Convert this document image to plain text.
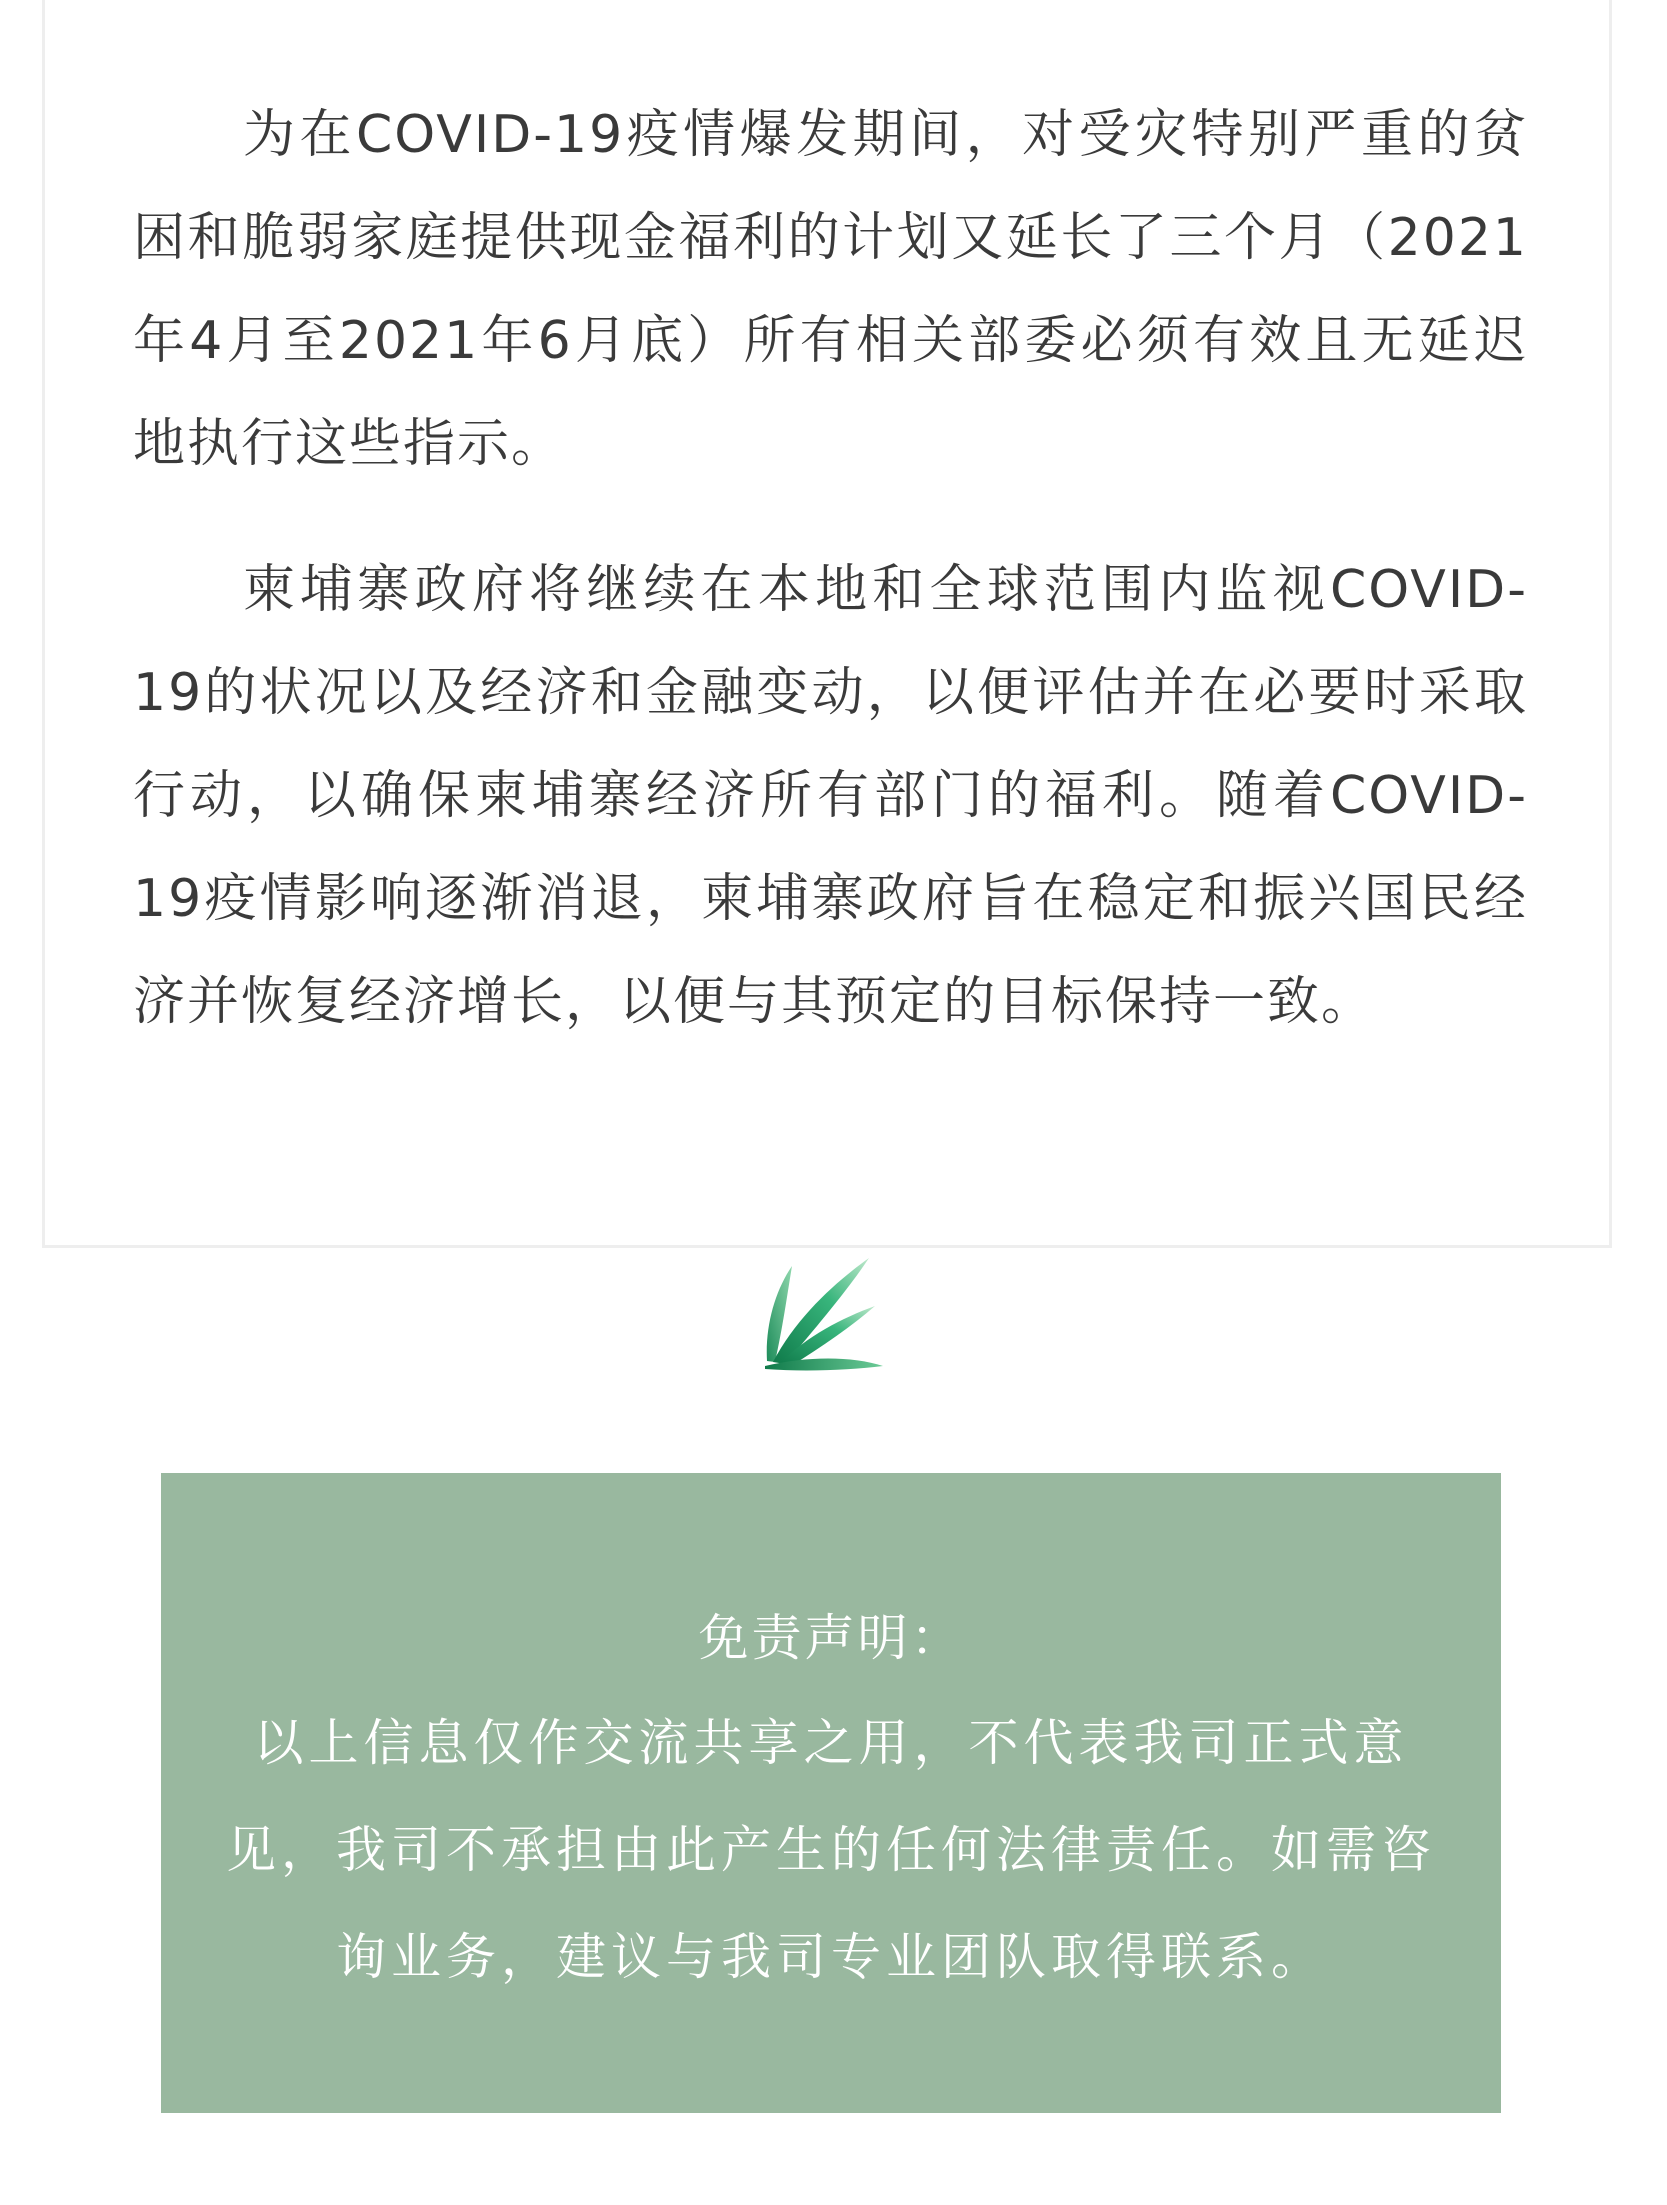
为在COVID-19疫情爆发期间，对受灾特别严重的贫困和脆弱家庭提供现金福利的计划又延长了三个月（2021年4月至2021年6月底）所有相关部委必须有效且无延迟地执行这些指示。

柬埔寨政府将继续在本地和全球范围内监视COVID-19的状况以及经济和金融变动，以便评估并在必要时采取行动，以确保柬埔寨经济所有部门的福利。随着COVID-19疫情影响逐渐消退，柬埔寨政府旨在稳定和振兴国民经济并恢复经济增长，以便与其预定的目标保持一致。

免责声明：

以上信息仅作交流共享之用，不代表我司正式意见，我司不承担由此产生的任何法律责任。如需咨询业务，建议与我司专业团队取得联系。
